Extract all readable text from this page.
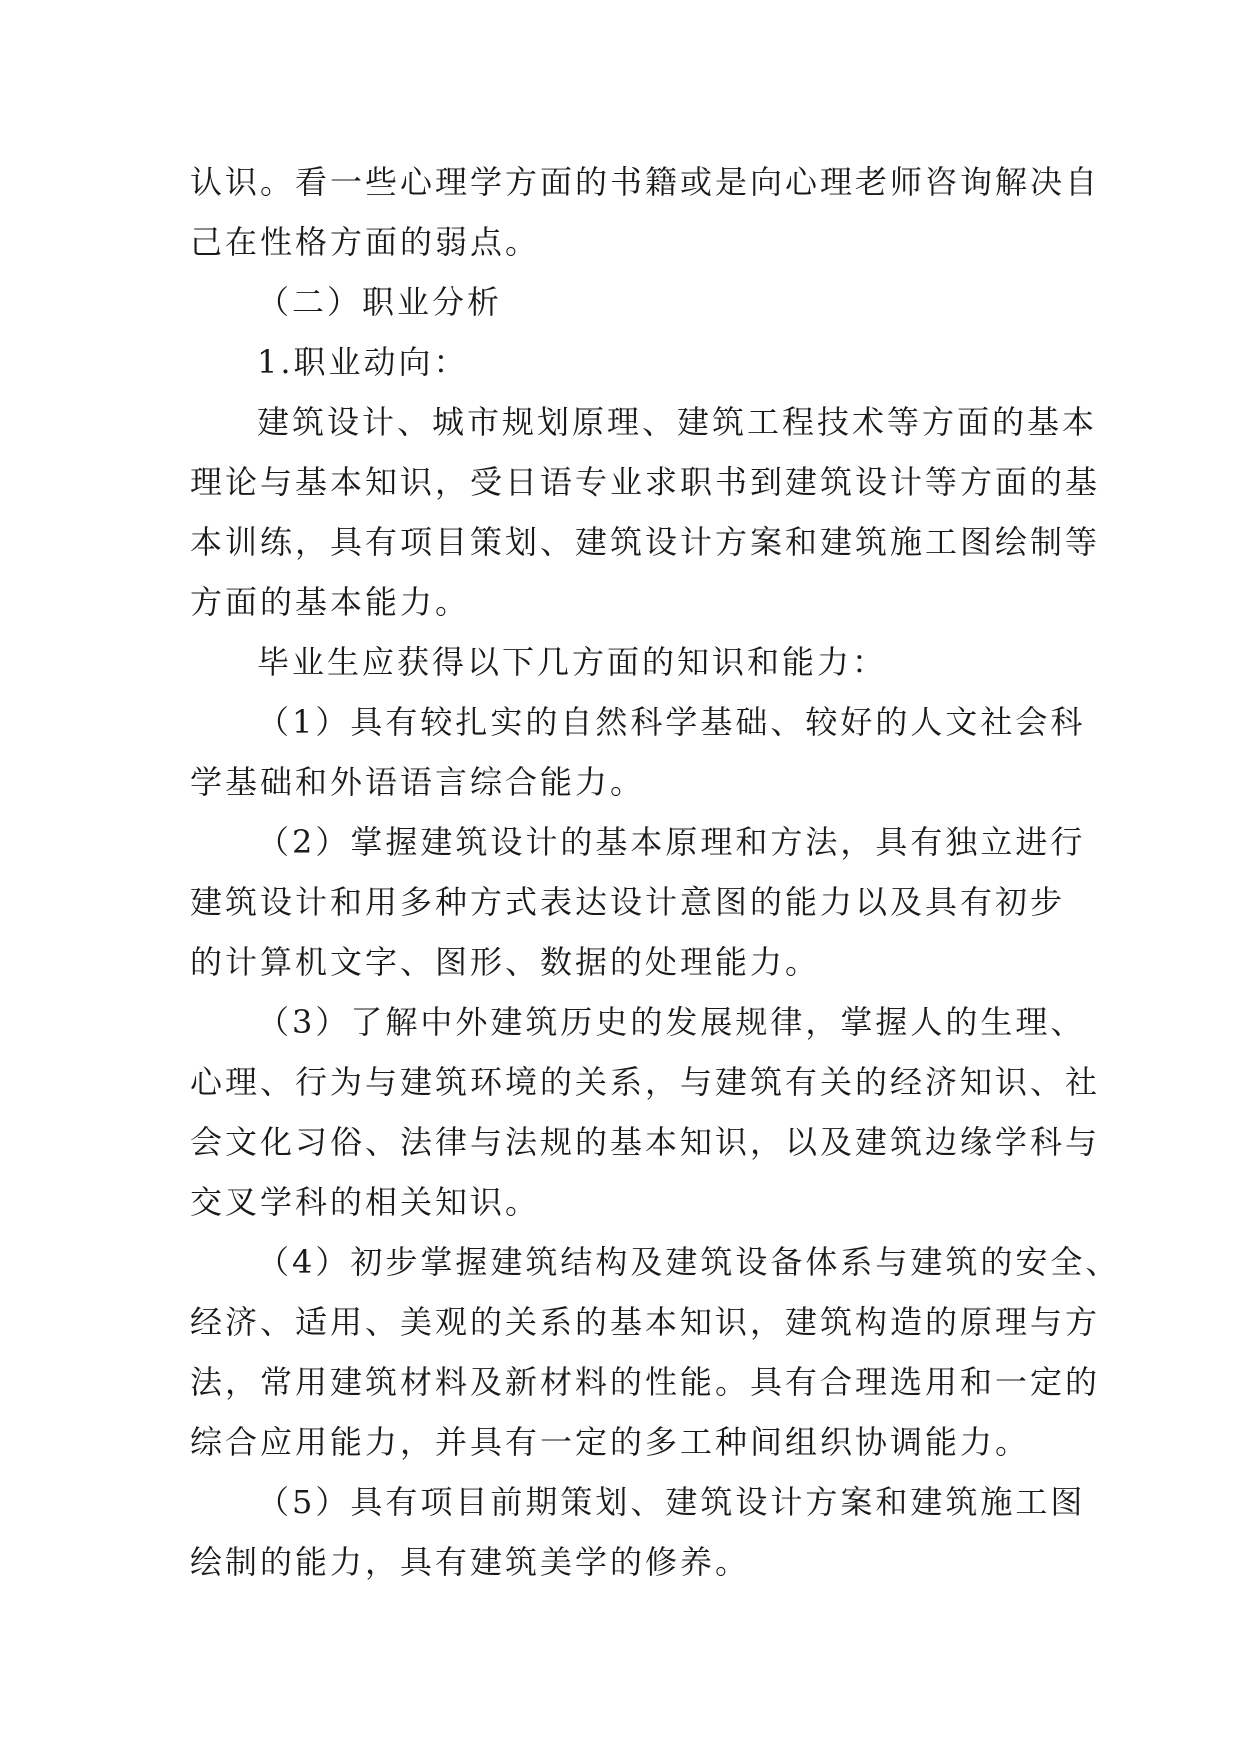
认识。看一些心理学方面的书籍或是向心理老师咨询解决自

己在性格方面的弱点。

（二）职业分析

1.职业动向：

建筑设计、城市规划原理、建筑工程技术等方面的基本

理论与基本知识，受日语专业求职书到建筑设计等方面的基

本训练，具有项目策划、建筑设计方案和建筑施工图绘制等

方面的基本能力。

毕业生应获得以下几方面的知识和能力：

（1）具有较扎实的自然科学基础、较好的人文社会科

学基础和外语语言综合能力。

（2）掌握建筑设计的基本原理和方法，具有独立进行

建筑设计和用多种方式表达设计意图的能力以及具有初步

的计算机文字、图形、数据的处理能力。

（3）了解中外建筑历史的发展规律，掌握人的生理、

心理、行为与建筑环境的关系，与建筑有关的经济知识、社

会文化习俗、法律与法规的基本知识，以及建筑边缘学科与

交叉学科的相关知识。

（4）初步掌握建筑结构及建筑设备体系与建筑的安全、

经济、适用、美观的关系的基本知识，建筑构造的原理与方

法，常用建筑材料及新材料的性能。具有合理选用和一定的

综合应用能力，并具有一定的多工种间组织协调能力。

（5）具有项目前期策划、建筑设计方案和建筑施工图

绘制的能力，具有建筑美学的修养。
